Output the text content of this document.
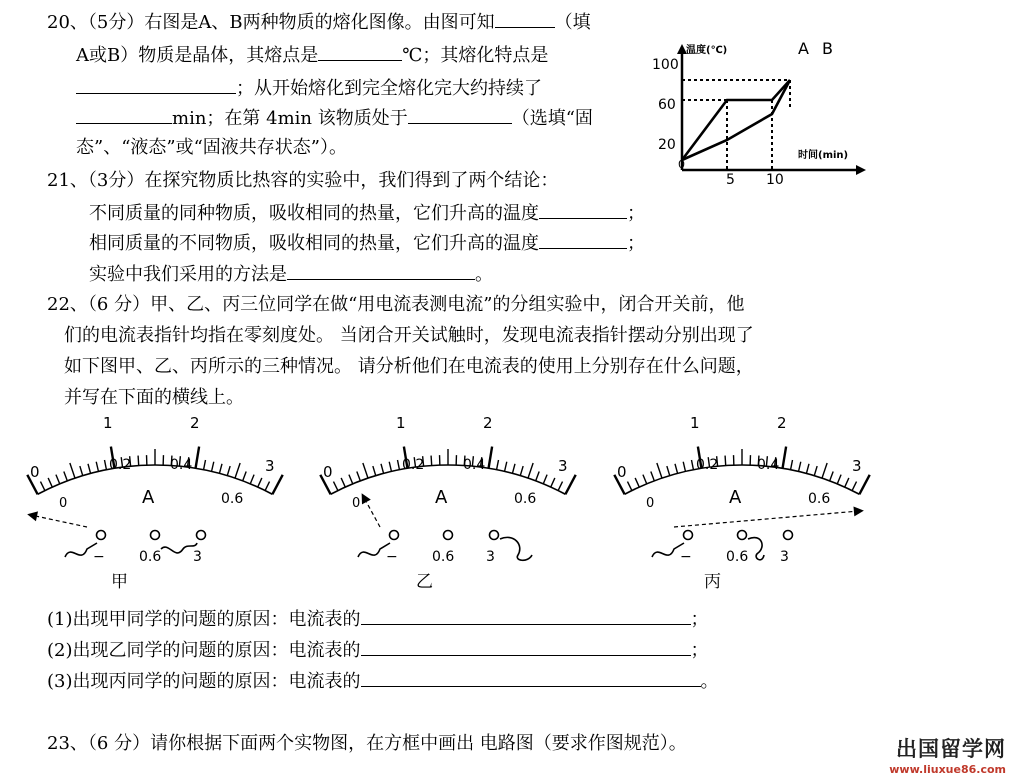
20、（5分）右图是A、B两种物质的熔化图像。由图可知	（填
A或B）物质是晶体，其熔点是	℃；其熔化特点是
；从开始熔化到完全熔化完大约持续了
min；在第 4min 该物质处于	（选填“固
态”、“液态”或“固液共存状态”）。
温度(℃)
时间(min)
A B
100
60
20
0
5 10
21、（3分）在探究物质比热容的实验中，我们得到了两个结论：
不同质量的同种物质，吸收相同的热量，它们升高的温度	；
相同质量的不同物质，吸收相同的热量，它们升高的温度	；
实验中我们采用的方法是	。
22、（6 分）甲、乙、丙三位同学在做“用电流表测电流”的分组实验中，闭合开关前，他
们的电流表指针均指在零刻度处。 当闭合开关试触时，发现电流表指针摆动分别出现了
如下图甲、乙、丙所示的三种情况。 请分析他们在电流表的使用上分别存在什么问题，
并写在下面的横线上。
0
1	2
3
0
0.2	0.4
0.6
A
− 0.6 3
甲
0
1	2
3
0
0.2	0.4
0.6
A
− 0.6 3
乙
0
1	2
3
0
0.2	0.4
0.6
A
− 0.6 3
丙
(1)出现甲同学的问题的原因：电流表的	；
(2)出现乙同学的问题的原因：电流表的	；
(3)出现丙同学的问题的原因：电流表的	。
23、（6 分）请你根据下面两个实物图，在方框中画出 电路图（要求作图规范）。	出国留学网
www.liuxue86.com
